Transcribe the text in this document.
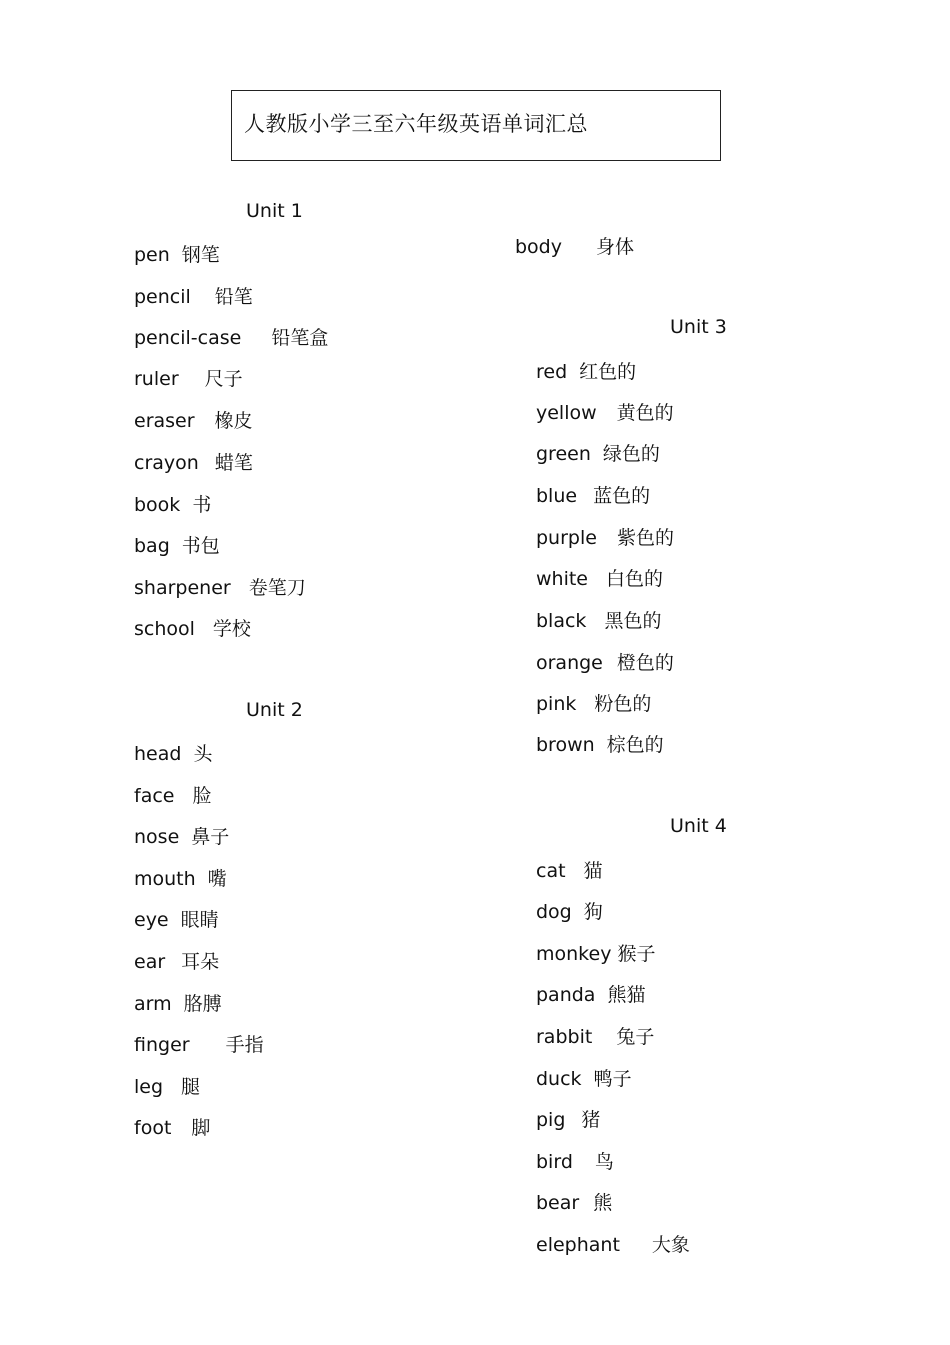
人教版小学三至六年级英语单词汇总
Unit 1
pen 钢笔
pencil 铅笔
pencil-case 铅笔盒
ruler 尺子
eraser 橡皮
crayon 蜡笔
book 书
bag 书包
sharpener 卷笔刀
school 学校
Unit 2
head 头
face 脸
nose 鼻子
mouth 嘴
eye 眼睛
ear 耳朵
arm 胳膊
finger 手指
leg 腿
foot 脚
body 身体
Unit 3
red 红色的
yellow 黄色的
green 绿色的
blue 蓝色的
purple 紫色的
white 白色的
black 黑色的
orange 橙色的
pink 粉色的
brown 棕色的
Unit 4
cat 猫
dog 狗
monkey 猴子
panda 熊猫
rabbit 兔子
duck 鸭子
pig 猪
bird 鸟
bear 熊
elephant 大象
